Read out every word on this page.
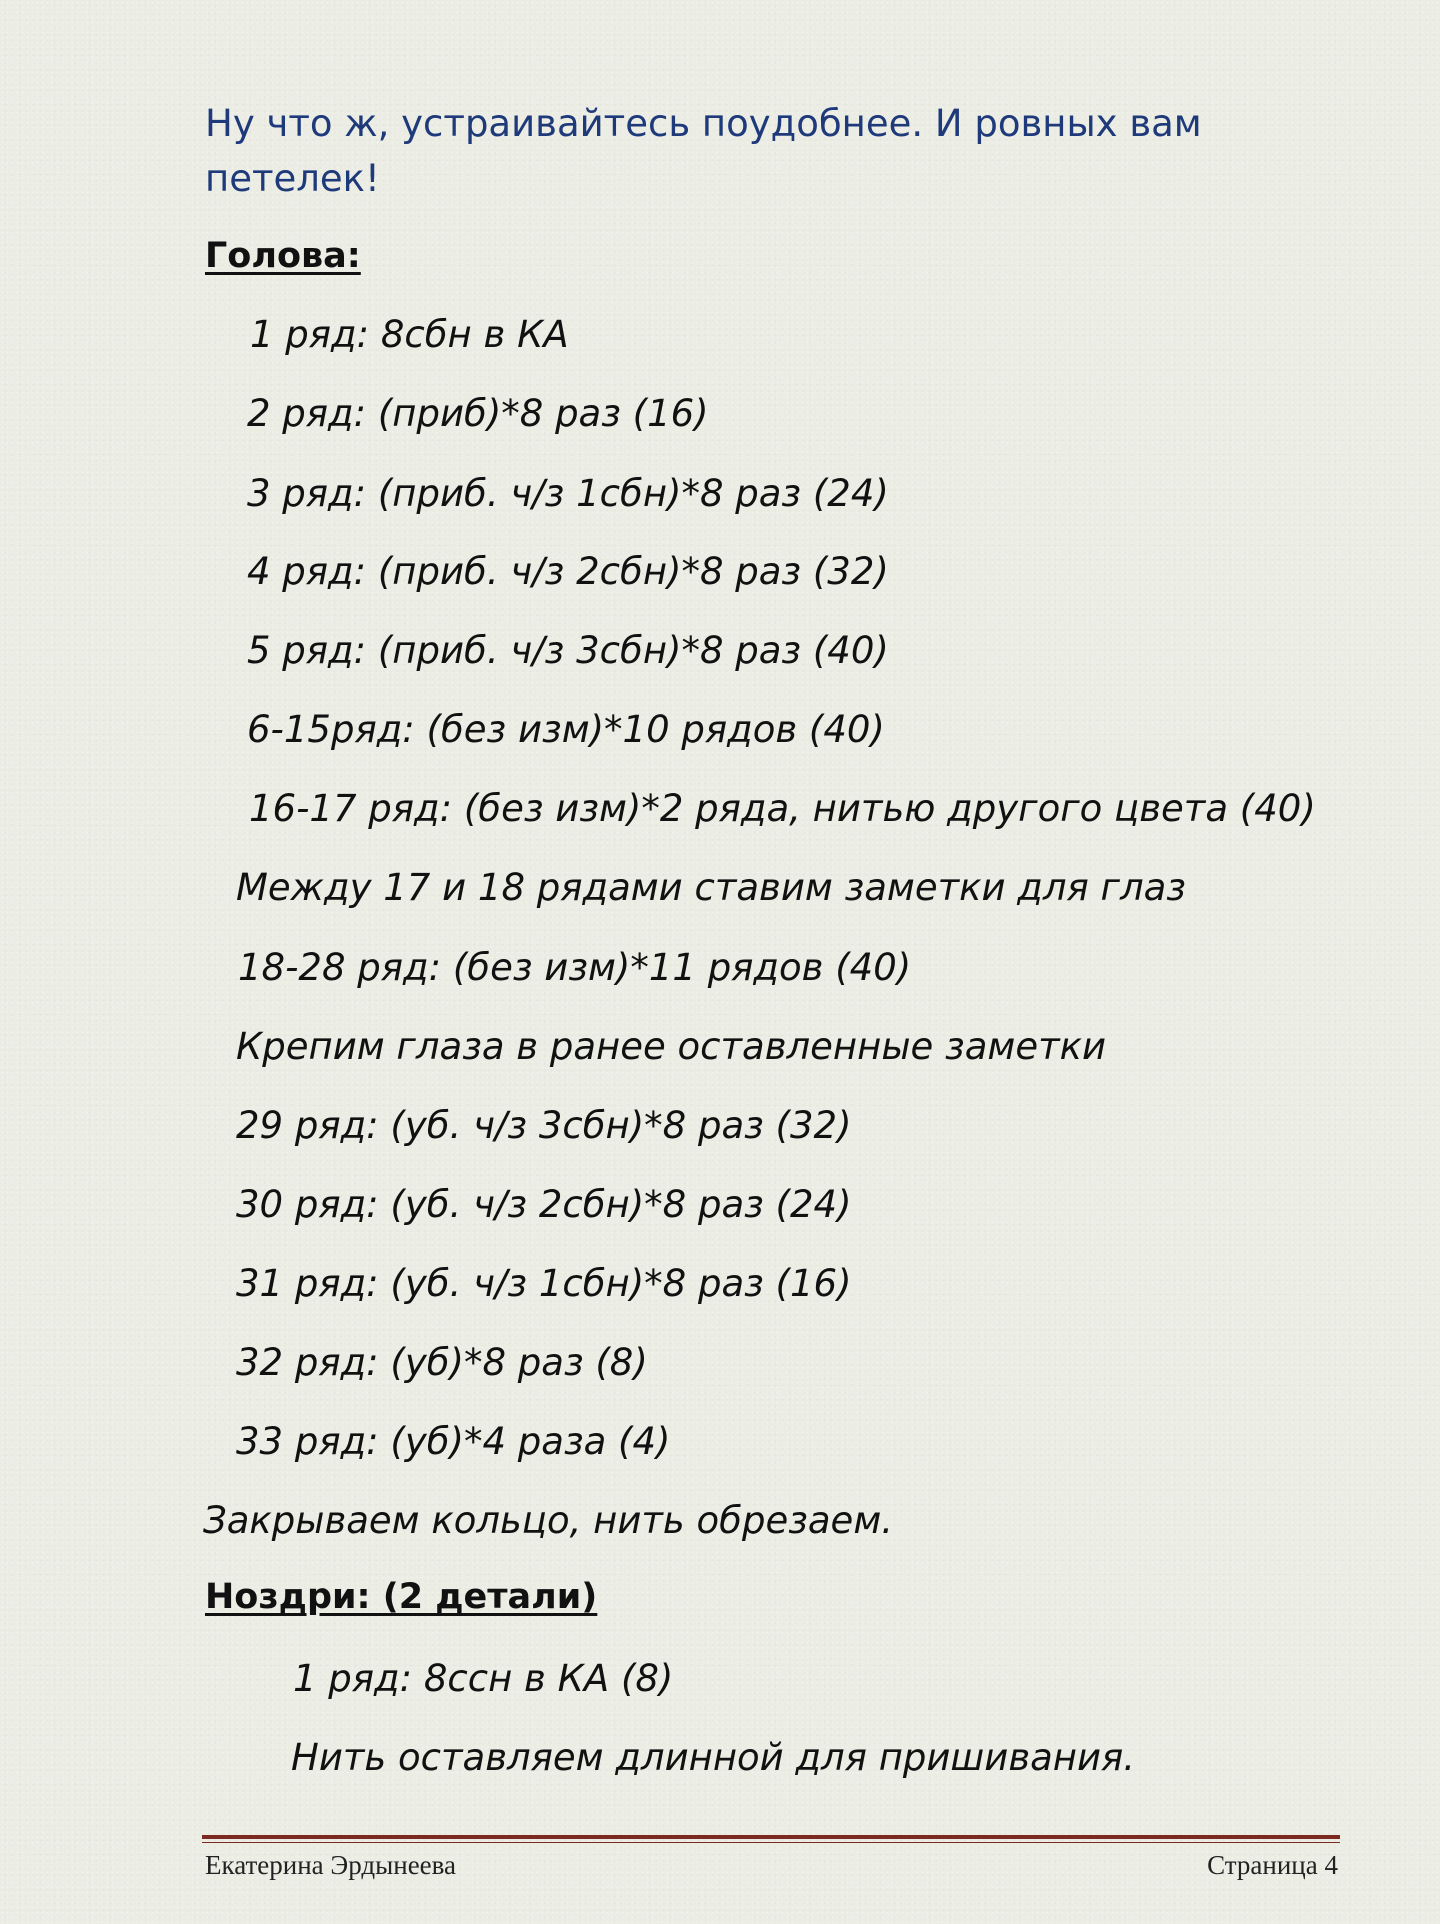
Ну что ж, устраивайтесь поудобнее. И ровных вам петелек!
Голова:
1 ряд: 8сбн в КА
2 ряд: (приб)*8 раз (16)
3 ряд: (приб. ч/з 1сбн)*8 раз (24)
4 ряд: (приб. ч/з 2сбн)*8 раз (32)
5 ряд: (приб. ч/з 3сбн)*8 раз (40)
6-15ряд: (без изм)*10 рядов (40)
16-17 ряд: (без изм)*2 ряда, нитью другого цвета (40)
Между 17 и 18 рядами ставим заметки для глаз
18-28 ряд: (без изм)*11 рядов (40)
Крепим глаза в ранее оставленные заметки
29 ряд: (уб. ч/з 3сбн)*8 раз (32)
30 ряд: (уб. ч/з 2сбн)*8 раз (24)
31 ряд: (уб. ч/з 1сбн)*8 раз (16)
32 ряд: (уб)*8 раз (8)
33 ряд: (уб)*4 раза (4)
Закрываем кольцо, нить обрезаем.
Ноздри: (2 детали)
1 ряд: 8ссн в КА (8)
Нить оставляем длинной для пришивания.
Екатерина Эрдынеева	Страница 4
